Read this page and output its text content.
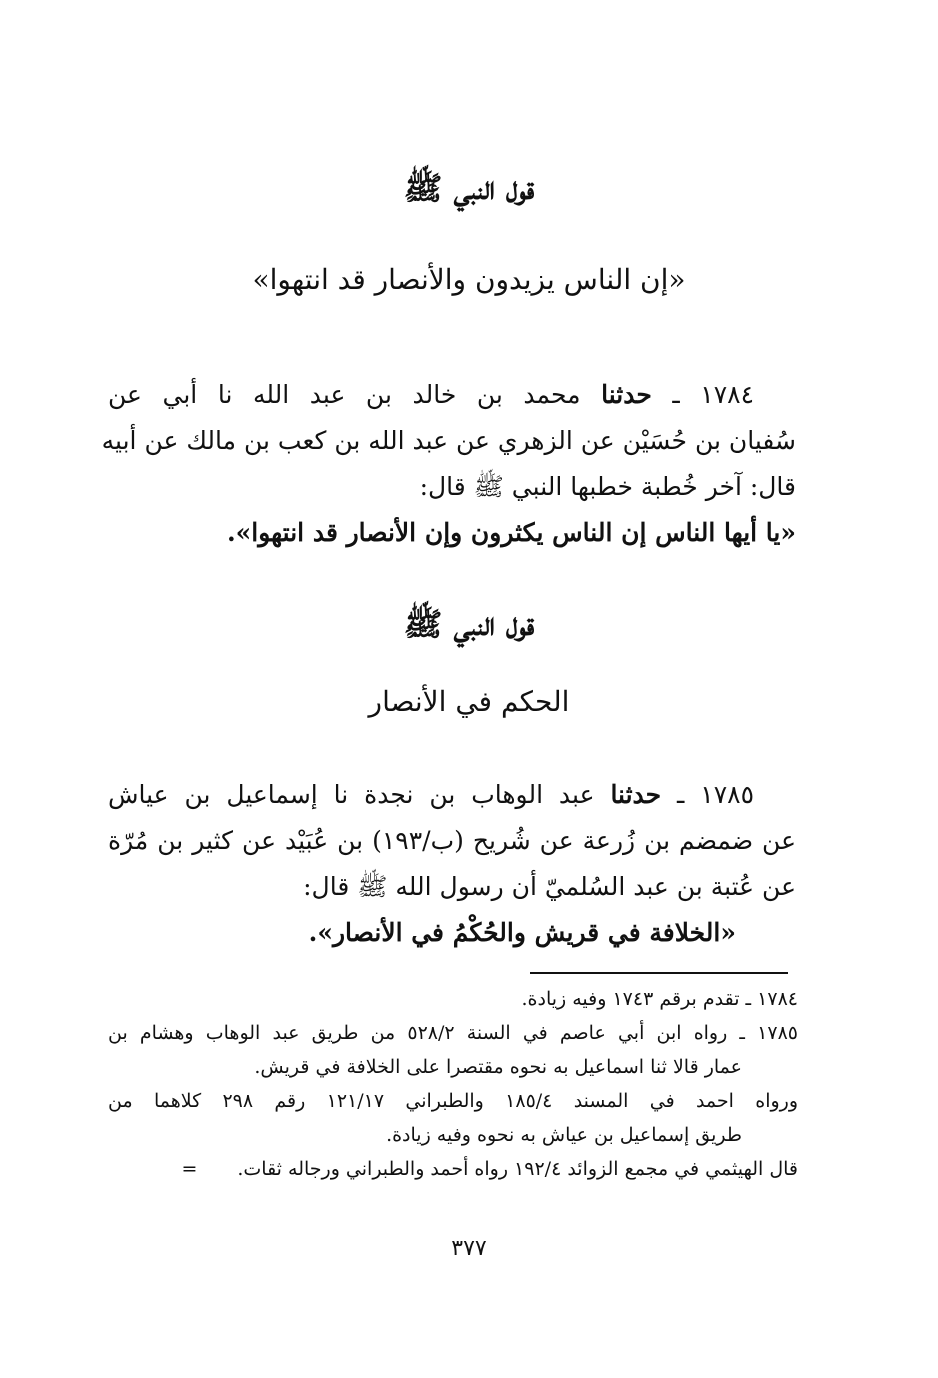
قول النبي ﷺ
«إن الناس يزيدون والأنصار قد انتهوا»
١٧٨٤ ـ حدثنا محمد بن خالد بن عبد الله نا أبي عن
سُفيان بن حُسَيْن عن الزهري عن عبد الله بن كعب بن مالك عن أبيه
قال: آخر خُطبة خطبها النبي ﷺ قال:
«يا أيها الناس إن الناس يكثرون وإن الأنصار قد انتهوا».
قول النبي ﷺ
الحكم في الأنصار
١٧٨٥ ـ حدثنا عبد الوهاب بن نجدة نا إسماعيل بن عياش
عن ضمضم بن زُرعة عن شُريح (ب/١٩٣) بن عُبَيْد عن كثير بن مُرّة
عن عُتبة بن عبد السُلميّ أن رسول الله ﷺ قال:
«الخلافة في قريش والحُكْمُ في الأنصار».
١٧٨٤ ـ تقدم برقم ١٧٤٣ وفيه زيادة.
١٧٨٥ ـ رواه ابن أبي عاصم في السنة ٥٢٨/٢ من طريق عبد الوهاب وهشام بن
عمار قالا ثنا اسماعيل به نحوه مقتصرا على الخلافة في قريش.
ورواه احمد في المسند ١٨٥/٤ والطبراني ١٢١/١٧ رقم ٢٩٨ كلاهما من
طريق إسماعيل بن عياش به نحوه وفيه زيادة.
قال الهيثمي في مجمع الزوائد ١٩٢/٤ رواه أحمد والطبراني ورجاله ثقات.=
٣٧٧
